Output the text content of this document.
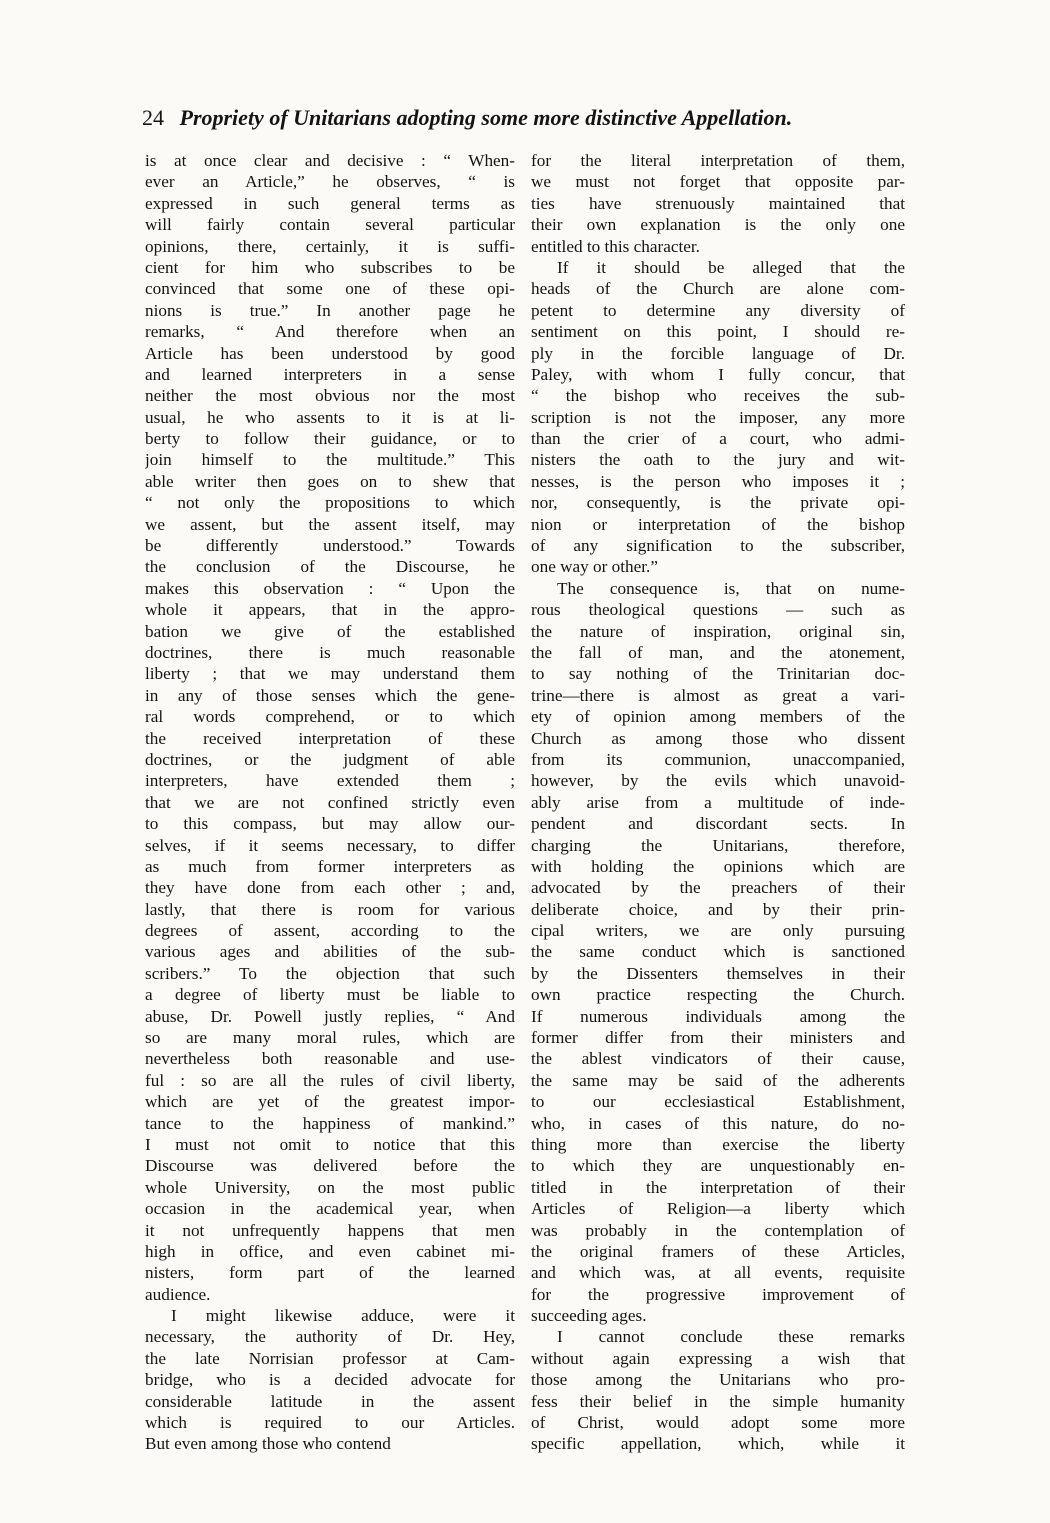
24 Propriety of Unitarians adopting some more distinctive Appellation.
is at once clear and decisive : “ When-
ever an Article,” he observes, “ is
expressed in such general terms as
will fairly contain several particular
opinions, there, certainly, it is suffi-
cient for him who subscribes to be
convinced that some one of these opi-
nions is true.” In another page he
remarks, “ And therefore when an
Article has been understood by good
and learned interpreters in a sense
neither the most obvious nor the most
usual, he who assents to it is at li-
berty to follow their guidance, or to
join himself to the multitude.” This
able writer then goes on to shew that
“ not only the propositions to which
we assent, but the assent itself, may
be differently understood.” Towards
the conclusion of the Discourse, he
makes this observation : “ Upon the
whole it appears, that in the appro-
bation we give of the established
doctrines, there is much reasonable
liberty ; that we may understand them
in any of those senses which the gene-
ral words comprehend, or to which
the received interpretation of these
doctrines, or the judgment of able
interpreters, have extended them ;
that we are not confined strictly even
to this compass, but may allow our-
selves, if it seems necessary, to differ
as much from former interpreters as
they have done from each other ; and,
lastly, that there is room for various
degrees of assent, according to the
various ages and abilities of the sub-
scribers.” To the objection that such
a degree of liberty must be liable to
abuse, Dr. Powell justly replies, “ And
so are many moral rules, which are
nevertheless both reasonable and use-
ful : so are all the rules of civil liberty,
which are yet of the greatest impor-
tance to the happiness of mankind.”
I must not omit to notice that this
Discourse was delivered before the
whole University, on the most public
occasion in the academical year, when
it not unfrequently happens that men
high in office, and even cabinet mi-
nisters, form part of the learned
audience.
I might likewise adduce, were it
necessary, the authority of Dr. Hey,
the late Norrisian professor at Cam-
bridge, who is a decided advocate for
considerable latitude in the assent
which is required to our Articles.
But even among those who contend
for the literal interpretation of them,
we must not forget that opposite par-
ties have strenuously maintained that
their own explanation is the only one
entitled to this character.
If it should be alleged that the
heads of the Church are alone com-
petent to determine any diversity of
sentiment on this point, I should re-
ply in the forcible language of Dr.
Paley, with whom I fully concur, that
“ the bishop who receives the sub-
scription is not the imposer, any more
than the crier of a court, who admi-
nisters the oath to the jury and wit-
nesses, is the person who imposes it ;
nor, consequently, is the private opi-
nion or interpretation of the bishop
of any signification to the subscriber,
one way or other.”
The consequence is, that on nume-
rous theological questions — such as
the nature of inspiration, original sin,
the fall of man, and the atonement,
to say nothing of the Trinitarian doc-
trine—there is almost as great a vari-
ety of opinion among members of the
Church as among those who dissent
from its communion, unaccompanied,
however, by the evils which unavoid-
ably arise from a multitude of inde-
pendent and discordant sects. In
charging the Unitarians, therefore,
with holding the opinions which are
advocated by the preachers of their
deliberate choice, and by their prin-
cipal writers, we are only pursuing
the same conduct which is sanctioned
by the Dissenters themselves in their
own practice respecting the Church.
If numerous individuals among the
former differ from their ministers and
the ablest vindicators of their cause,
the same may be said of the adherents
to our ecclesiastical Establishment,
who, in cases of this nature, do no-
thing more than exercise the liberty
to which they are unquestionably en-
titled in the interpretation of their
Articles of Religion—a liberty which
was probably in the contemplation of
the original framers of these Articles,
and which was, at all events, requisite
for the progressive improvement of
succeeding ages.
I cannot conclude these remarks
without again expressing a wish that
those among the Unitarians who pro-
fess their belief in the simple humanity
of Christ, would adopt some more
specific appellation, which, while it
